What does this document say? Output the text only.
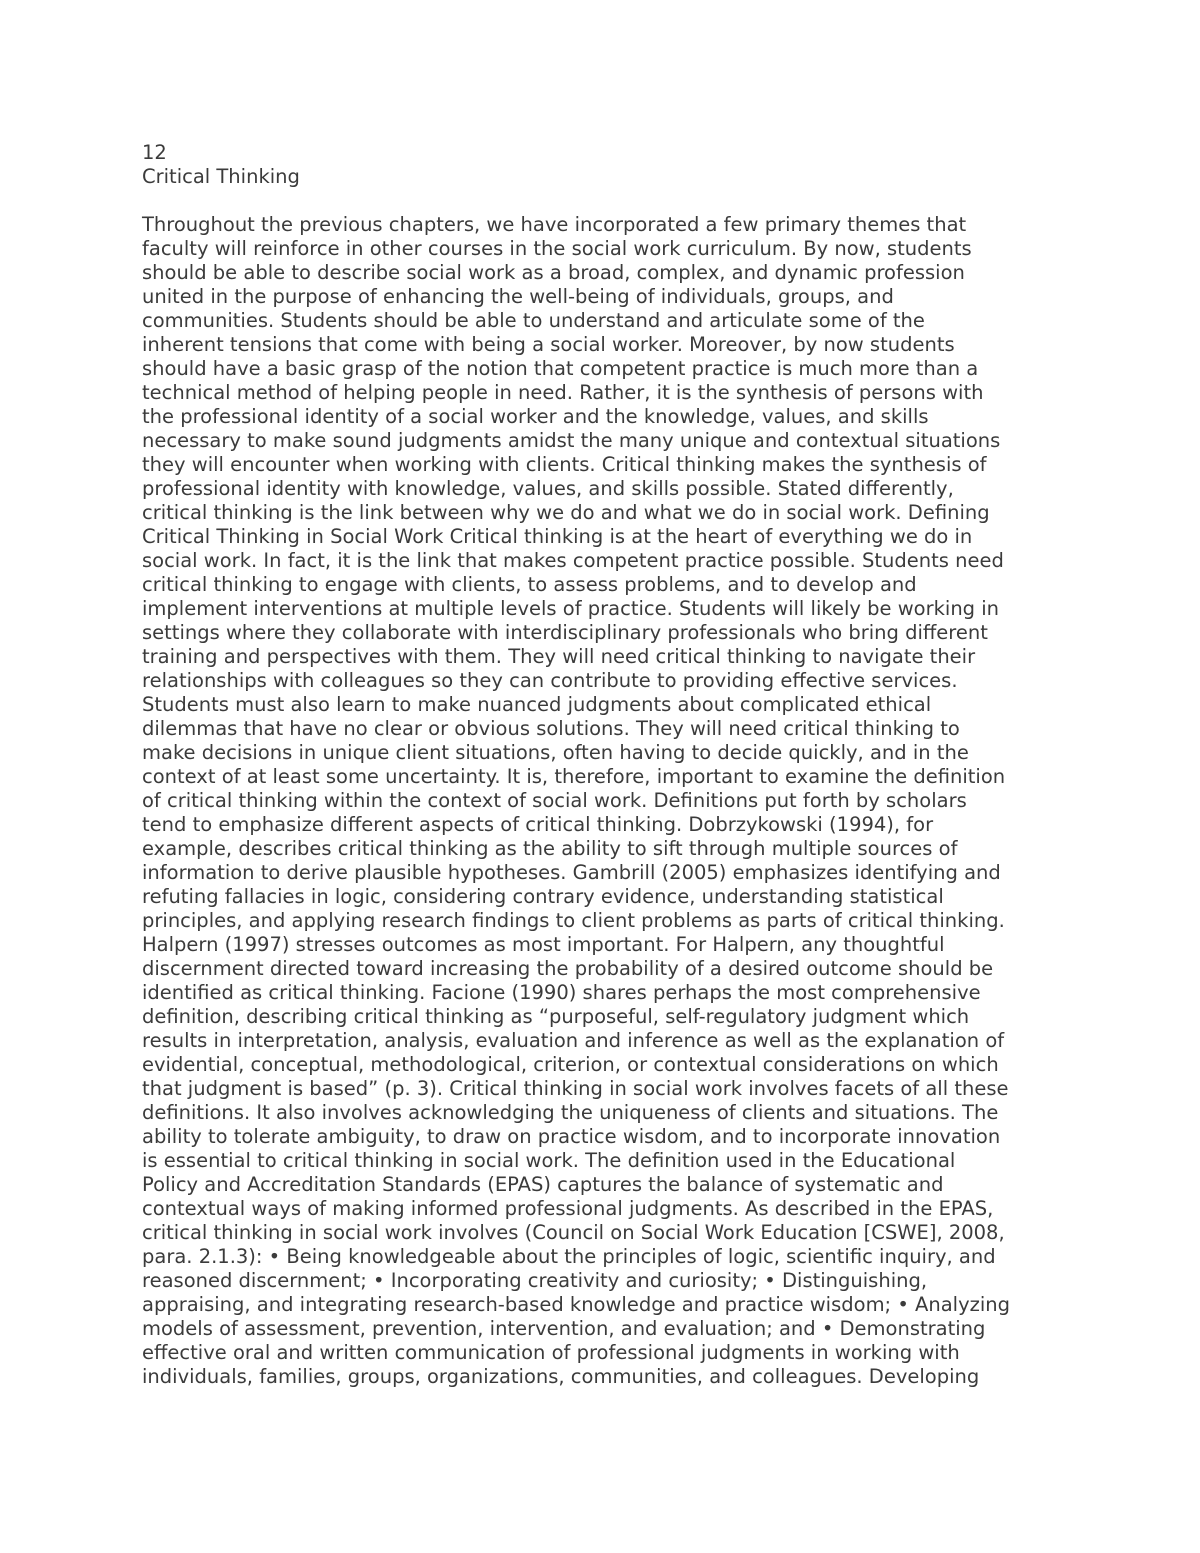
12
Critical Thinking
Throughout the previous chapters, we have incorporated a few primary themes that
faculty will reinforce in other courses in the social work curriculum. By now, students
should be able to describe social work as a broad, complex, and dynamic profession
united in the purpose of enhancing the well-being of individuals, groups, and
communities. Students should be able to understand and articulate some of the
inherent tensions that come with being a social worker. Moreover, by now students
should have a basic grasp of the notion that competent practice is much more than a
technical method of helping people in need. Rather, it is the synthesis of persons with
the professional identity of a social worker and the knowledge, values, and skills
necessary to make sound judgments amidst the many unique and contextual situations
they will encounter when working with clients. Critical thinking makes the synthesis of
professional identity with knowledge, values, and skills possible. Stated differently,
critical thinking is the link between why we do and what we do in social work. Defining
Critical Thinking in Social Work Critical thinking is at the heart of everything we do in
social work. In fact, it is the link that makes competent practice possible. Students need
critical thinking to engage with clients, to assess problems, and to develop and
implement interventions at multiple levels of practice. Students will likely be working in
settings where they collaborate with interdisciplinary professionals who bring different
training and perspectives with them. They will need critical thinking to navigate their
relationships with colleagues so they can contribute to providing effective services.
Students must also learn to make nuanced judgments about complicated ethical
dilemmas that have no clear or obvious solutions. They will need critical thinking to
make decisions in unique client situations, often having to decide quickly, and in the
context of at least some uncertainty. It is, therefore, important to examine the definition
of critical thinking within the context of social work. Definitions put forth by scholars
tend to emphasize different aspects of critical thinking. Dobrzykowski (1994), for
example, describes critical thinking as the ability to sift through multiple sources of
information to derive plausible hypotheses. Gambrill (2005) emphasizes identifying and
refuting fallacies in logic, considering contrary evidence, understanding statistical
principles, and applying research findings to client problems as parts of critical thinking.
Halpern (1997) stresses outcomes as most important. For Halpern, any thoughtful
discernment directed toward increasing the probability of a desired outcome should be
identified as critical thinking. Facione (1990) shares perhaps the most comprehensive
definition, describing critical thinking as “purposeful, self-regulatory judgment which
results in interpretation, analysis, evaluation and inference as well as the explanation of
evidential, conceptual, methodological, criterion, or contextual considerations on which
that judgment is based” (p. 3). Critical thinking in social work involves facets of all these
definitions. It also involves acknowledging the uniqueness of clients and situations. The
ability to tolerate ambiguity, to draw on practice wisdom, and to incorporate innovation
is essential to critical thinking in social work. The definition used in the Educational
Policy and Accreditation Standards (EPAS) captures the balance of systematic and
contextual ways of making informed professional judgments. As described in the EPAS,
critical thinking in social work involves (Council on Social Work Education [CSWE], 2008,
para. 2.1.3): • Being knowledgeable about the principles of logic, scientific inquiry, and
reasoned discernment; • Incorporating creativity and curiosity; • Distinguishing,
appraising, and integrating research-based knowledge and practice wisdom; • Analyzing
models of assessment, prevention, intervention, and evaluation; and • Demonstrating
effective oral and written communication of professional judgments in working with
individuals, families, groups, organizations, communities, and colleagues. Developing
